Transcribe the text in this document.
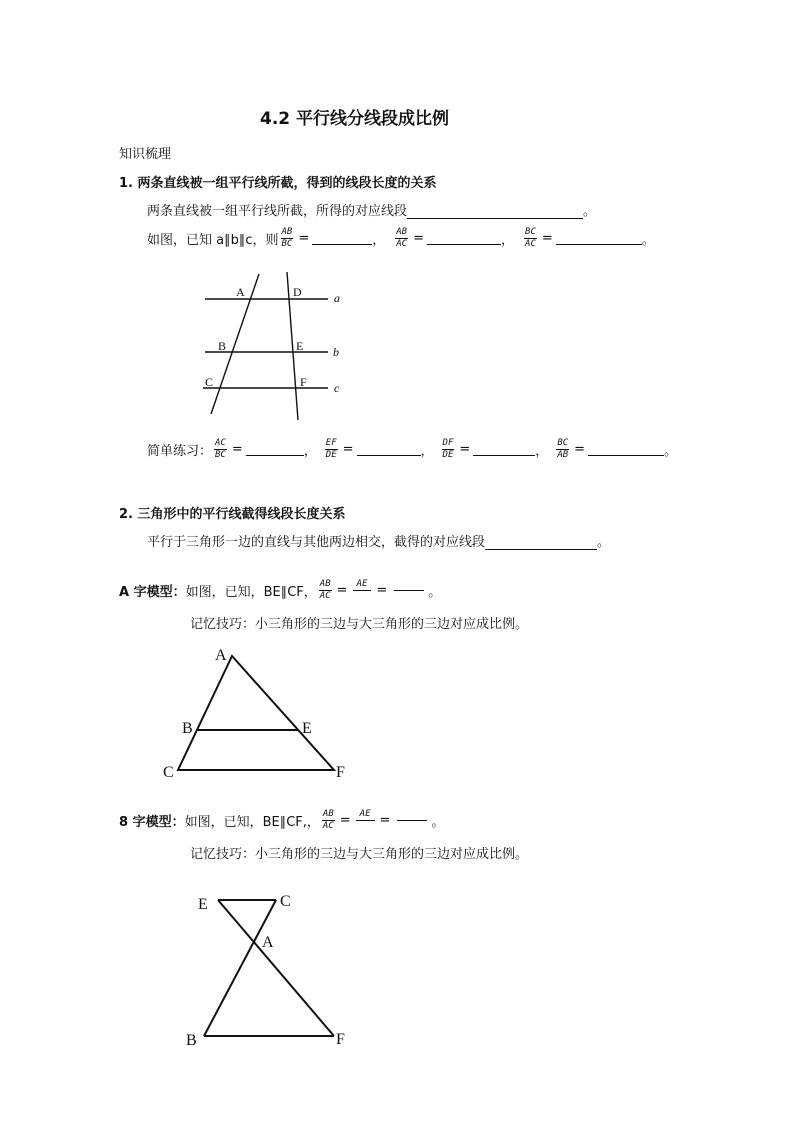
4.2 平行线分线段成比例
知识梳理
1. 两条直线被一组平行线所截，得到的线段长度的关系
两条直线被一组平行线所截，所得的对应线段	。
如图，已知 a∥b∥c，则 $\frac{AB}{BC}$ =	， $\frac{AB}{AC}$ =	， $\frac{BC}{AC}$ =	。
A	D
B	E
C	F
a
b
c
简单练习： $\frac{AC}{BC}$ =	， $\frac{EF}{DE}$ =	， $\frac{DF}{DE}$ =	， $\frac{BC}{AB}$ =	。
2. 三角形中的平行线截得线段长度关系
平行于三角形一边的直线与其他两边相交，截得的对应线段	。
A 字模型： 如图，已知，BE∥CF， $\frac{AB}{AC}$ =	AE =	。
记忆技巧：小三角形的三边与大三角形的三边对应成比例。
A
B	E
C	F
8 字模型： 如图，已知，BE∥CF,， $\frac{AB}{AC}$ =	AE =	。
记忆技巧：小三角形的三边与大三角形的三边对应成比例。
E	C
A
B	F
